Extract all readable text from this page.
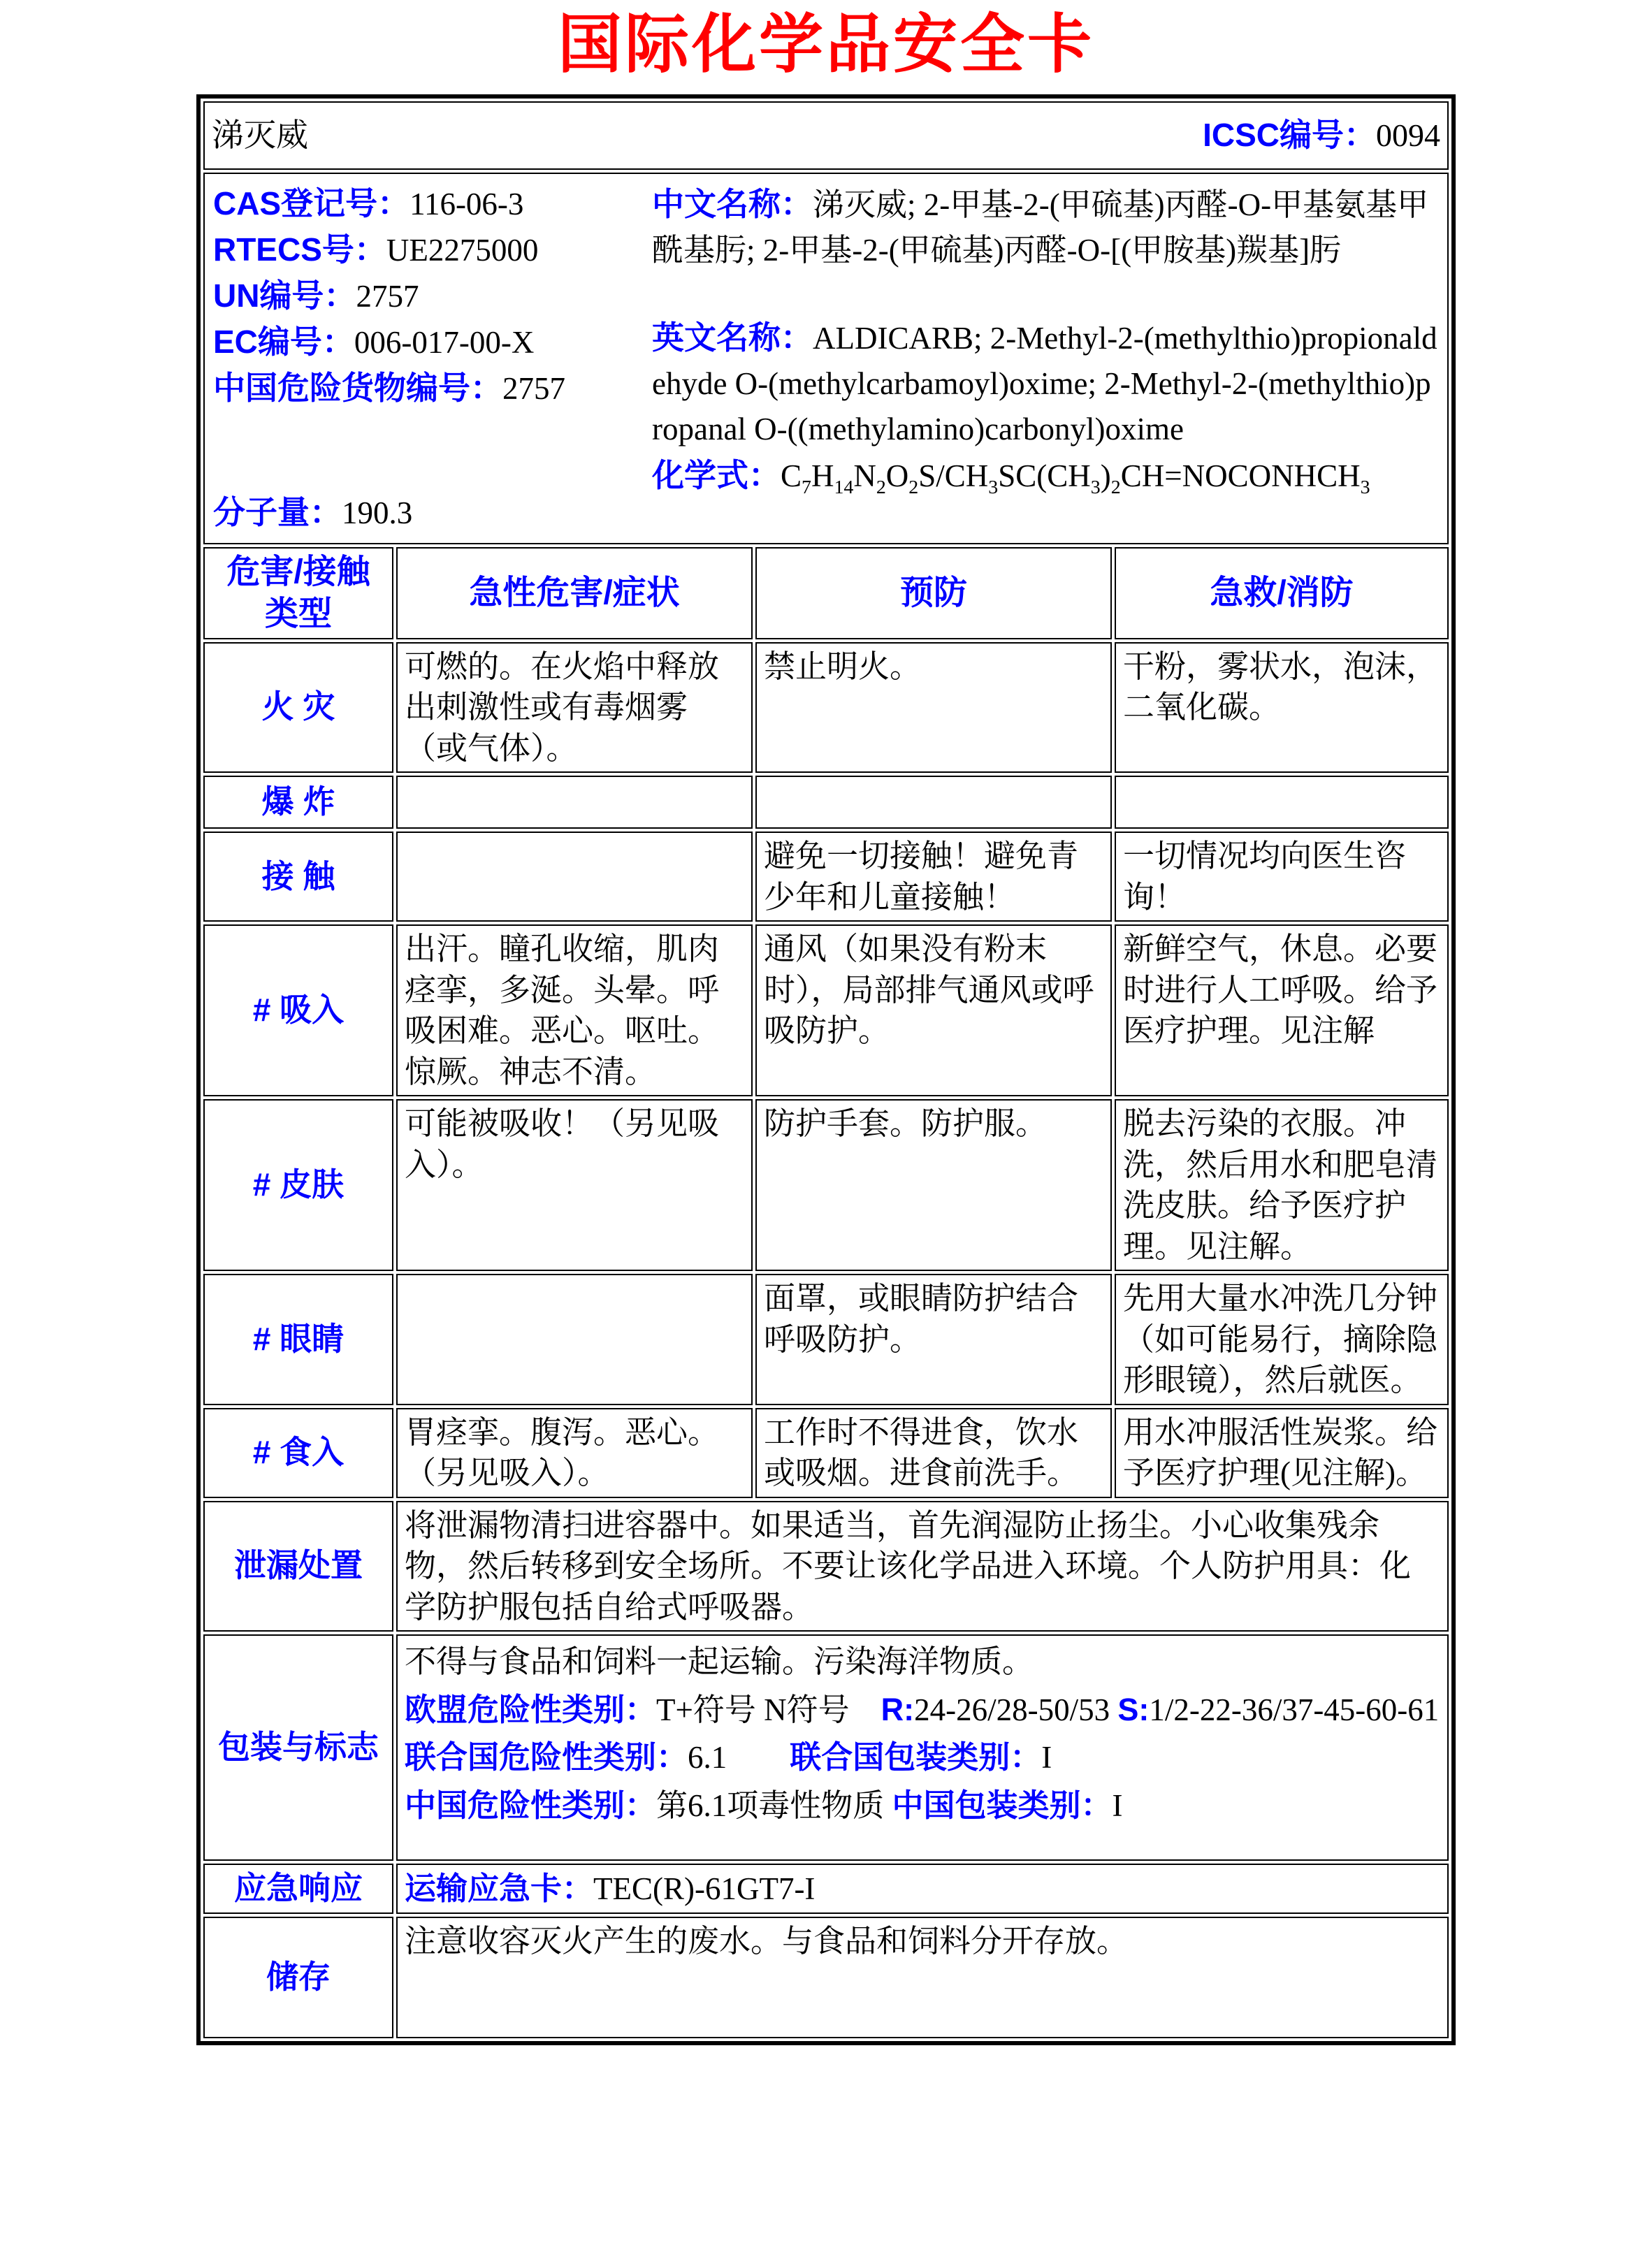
国际化学品安全卡
涕灭威 ICSC编号：0094			

CAS登记号：116-06-3
RTECS号：UE2275000
UN编号：2757
EC编号：006-017-00-X
中国危险货物编号：2757
分子量：190.3

中文名称：涕灭威; 2-甲基-2-(甲硫基)丙醛-O-甲基氨基甲酰基肟; 2-甲基-2-(甲硫基)丙醛-O-[(甲胺基)羰基]肟

英文名称：ALDICARB; 2-Methyl-2-(methylthio)propionaldehyde O-(methylcarbamoyl)oxime; 2-Methyl-2-(methylthio)propanal O-((methylamino)carbonyl)oxime

化学式：$C_7H_{14}N_2O_2S/CH_3SC(CH_3)_2CH=NOCONHCH_3$

危害/接触类型	急性危害/症状	预防	急救/消防
火 灾	可燃的。在火焰中释放出刺激性或有毒烟雾（或气体）。	禁止明火。	干粉，雾状水，泡沫，二氧化碳。
爆 炸			
接 触		避免一切接触！避免青少年和儿童接触！	一切情况均向医生咨询！
# 吸入	出汗。瞳孔收缩，肌肉痉挛，多涎。头晕。呼吸困难。恶心。呕吐。惊厥。神志不清。	通风（如果没有粉末时），局部排气通风或呼吸防护。	新鲜空气，休息。必要时进行人工呼吸。给予医疗护理。见注解
# 皮肤	可能被吸收！（另见吸入）。	防护手套。防护服。	脱去污染的衣服。冲洗，然后用水和肥皂清洗皮肤。给予医疗护理。见注解。
# 眼睛		面罩，或眼睛防护结合呼吸防护。	先用大量水冲洗几分钟（如可能易行，摘除隐形眼镜），然后就医。
# 食入	胃痉挛。腹泻。恶心。（另见吸入）。	工作时不得进食，饮水或吸烟。进食前洗手。	用水冲服活性炭浆。给予医疗护理(见注解)。
泄漏处置	将泄漏物清扫进容器中。如果适当，首先润湿防止扬尘。小心收集残余物，然后转移到安全场所。不要让该化学品进入环境。个人防护用具：化学防护服包括自给式呼吸器。		
包装与标志	不得与食品和饲料一起运输。污染海洋物质。
欧盟危险性类别：T+符号 N符号　R:24-26/28-50/53 S:1/2-22-36/37-45-60-61
联合国危险性类别：6.1　　联合国包装类别：I
中国危险性类别：第6.1项毒性物质 中国包装类别：I		

应急响应	运输应急卡：TEC(R)-61GT7-I		
储存	注意收容灭火产生的废水。与食品和饲料分开存放。		
